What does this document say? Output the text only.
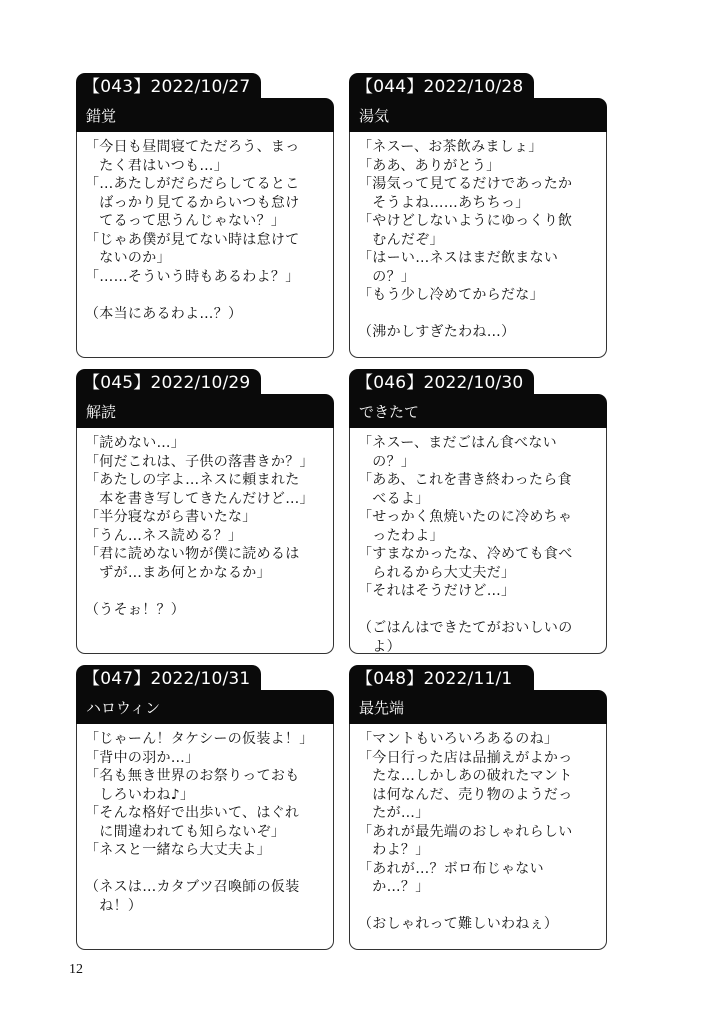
【043】2022/10/27
錯覚
「今日も昼間寝てただろう、まっ
　たく君はいつも…」
「…あたしがだらだらしてるとこ
　ばっかり見てるからいつも怠け
　てるって思うんじゃない？」
「じゃあ僕が見てない時は怠けて
　ないのか」
「……そういう時もあるわよ？」
（本当にあるわよ…？）
【044】2022/10/28
湯気
「ネスー、お茶飲みましょ」
「ああ、ありがとう」
「湯気って見てるだけであったか
　そうよね……あちちっ」
「やけどしないようにゆっくり飲
　むんだぞ」
「はーい…ネスはまだ飲まない
　の？」
「もう少し冷めてからだな」
（沸かしすぎたわね…）
【045】2022/10/29
解読
「読めない…」
「何だこれは、子供の落書きか？」
「あたしの字よ…ネスに頼まれた
　本を書き写してきたんだけど…」
「半分寝ながら書いたな」
「うん…ネス読める？」
「君に読めない物が僕に読めるは
　ずが…まあ何とかなるか」
（うそぉ！？）
【046】2022/10/30
できたて
「ネスー、まだごはん食べない
　の？」
「ああ、これを書き終わったら食
　べるよ」
「せっかく魚焼いたのに冷めちゃ
　ったわよ」
「すまなかったな、冷めても食べ
　られるから大丈夫だ」
「それはそうだけど…」
（ごはんはできたてがおいしいの
　よ）
【047】2022/10/31
ハロウィン
「じゃーん！タケシーの仮装よ！」
「背中の羽か…」
「名も無き世界のお祭りっておも
　しろいわね♪」
「そんな格好で出歩いて、はぐれ
　に間違われても知らないぞ」
「ネスと一緒なら大丈夫よ」
（ネスは…カタブツ召喚師の仮装
　ね！）
【048】2022/11/1
最先端
「マントもいろいろあるのね」
「今日行った店は品揃えがよかっ
　たな…しかしあの破れたマント
　は何なんだ、売り物のようだっ
　たが…」
「あれが最先端のおしゃれらしい
　わよ？」
「あれが…？ボロ布じゃない
　か…？」
（おしゃれって難しいわねぇ）
12
